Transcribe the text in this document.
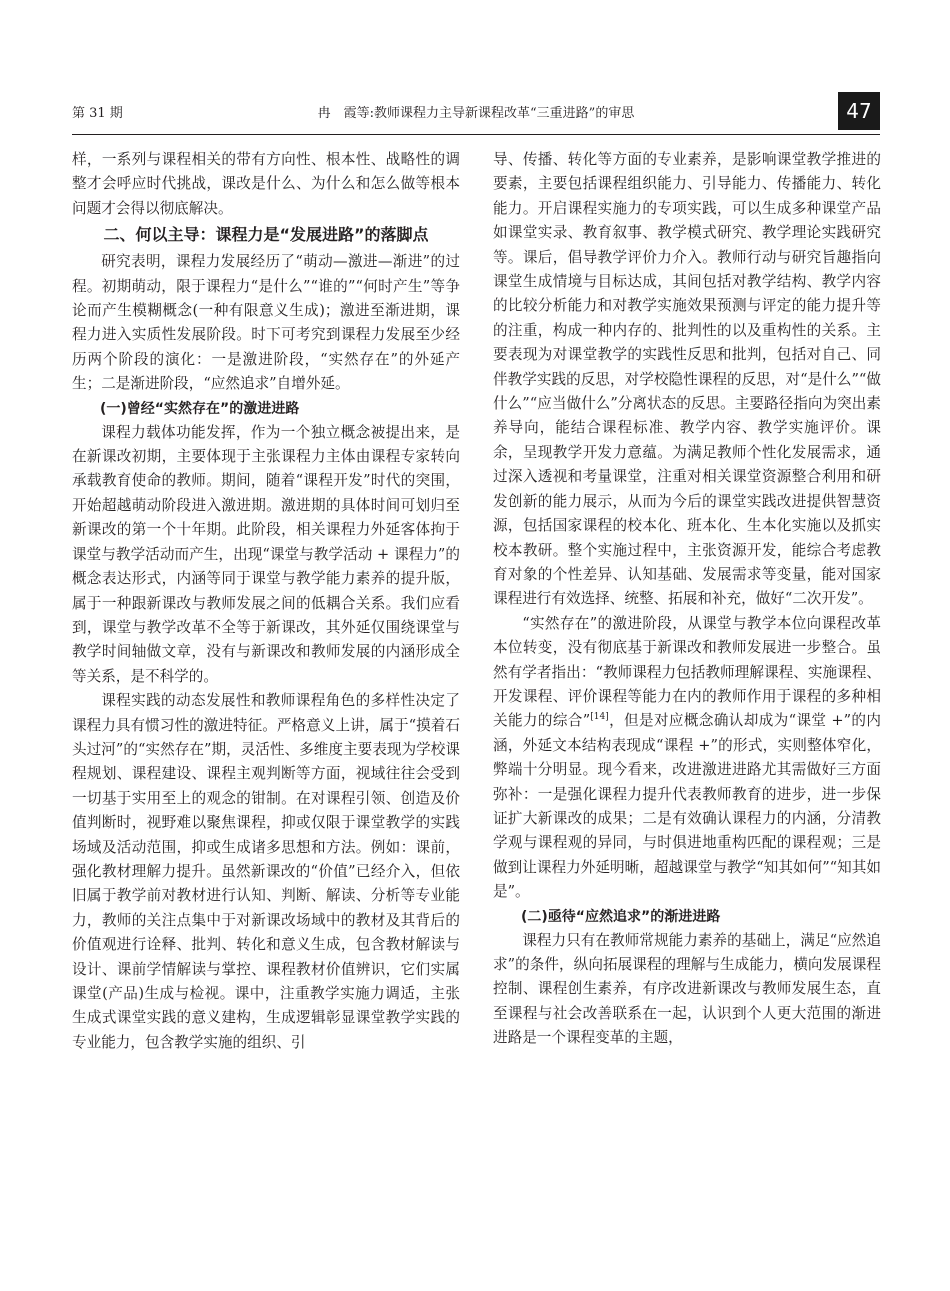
第 31 期	冉　霞等:教师课程力主导新课程改革“三重进路”的审思	47

样，一系列与课程相关的带有方向性、根本性、战略性的调整才会呼应时代挑战，课改是什么、为什么和怎么做等根本问题才会得以彻底解决。

二、何以主导：课程力是“发展进路”的落脚点

研究表明，课程力发展经历了“萌动—激进—渐进”的过程。初期萌动，限于课程力“是什么”“谁的”“何时产生”等争论而产生模糊概念(一种有限意义生成)；激进至渐进期，课程力进入实质性发展阶段。时下可考究到课程力发展至少经历两个阶段的演化：一是激进阶段，“实然存在”的外延产生；二是渐进阶段，“应然追求”自增外延。

(一)曾经“实然存在”的激进进路

课程力载体功能发挥，作为一个独立概念被提出来，是在新课改初期，主要体现于主张课程力主体由课程专家转向承载教育使命的教师。期间，随着“课程开发”时代的突围，开始超越萌动阶段进入激进期。激进期的具体时间可划归至新课改的第一个十年期。此阶段，相关课程力外延客体拘于课堂与教学活动而产生，出现“课堂与教学活动 + 课程力”的概念表达形式，内涵等同于课堂与教学能力素养的提升版，属于一种跟新课改与教师发展之间的低耦合关系。我们应看到，课堂与教学改革不全等于新课改，其外延仅围绕课堂与教学时间轴做文章，没有与新课改和教师发展的内涵形成全等关系，是不科学的。

课程实践的动态发展性和教师课程角色的多样性决定了课程力具有惯习性的激进特征。严格意义上讲，属于“摸着石头过河”的“实然存在”期，灵活性、多维度主要表现为学校课程规划、课程建设、课程主观判断等方面，视域往往会受到一切基于实用至上的观念的钳制。在对课程引领、创造及价值判断时，视野难以聚焦课程，抑或仅限于课堂教学的实践场域及活动范围，抑或生成诸多思想和方法。例如：课前，强化教材理解力提升。虽然新课改的“价值”已经介入，但依旧属于教学前对教材进行认知、判断、解读、分析等专业能力，教师的关注点集中于对新课改场域中的教材及其背后的价值观进行诠释、批判、转化和意义生成，包含教材解读与设计、课前学情解读与掌控、课程教材价值辨识，它们实属课堂(产品)生成与检视。课中，注重教学实施力调适，主张生成式课堂实践的意义建构，生成逻辑彰显课堂教学实践的专业能力，包含教学实施的组织、引

导、传播、转化等方面的专业素养，是影响课堂教学推进的要素，主要包括课程组织能力、引导能力、传播能力、转化能力。开启课程实施力的专项实践，可以生成多种课堂产品如课堂实录、教育叙事、教学模式研究、教学理论实践研究等。课后，倡导教学评价力介入。教师行动与研究旨趣指向课堂生成情境与目标达成，其间包括对教学结构、教学内容的比较分析能力和对教学实施效果预测与评定的能力提升等的注重，构成一种内存的、批判性的以及重构性的关系。主要表现为对课堂教学的实践性反思和批判，包括对自己、同伴教学实践的反思，对学校隐性课程的反思，对“是什么”“做什么”“应当做什么”分离状态的反思。主要路径指向为突出素养导向，能结合课程标准、教学内容、教学实施评价。课余，呈现教学开发力意蕴。为满足教师个性化发展需求，通过深入透视和考量课堂，注重对相关课堂资源整合利用和研发创新的能力展示，从而为今后的课堂实践改进提供智慧资源，包括国家课程的校本化、班本化、生本化实施以及抓实校本教研。整个实施过程中，主张资源开发，能综合考虑教育对象的个性差异、认知基础、发展需求等变量，能对国家课程进行有效选择、统整、拓展和补充，做好“二次开发”。

“实然存在”的激进阶段，从课堂与教学本位向课程改革本位转变，没有彻底基于新课改和教师发展进一步整合。虽然有学者指出：“教师课程力包括教师理解课程、实施课程、开发课程、评价课程等能力在内的教师作用于课程的多种相关能力的综合”[14]，但是对应概念确认却成为“课堂 +”的内涵，外延文本结构表现成“课程 +”的形式，实则整体窄化，弊端十分明显。现今看来，改进激进进路尤其需做好三方面弥补：一是强化课程力提升代表教师教育的进步，进一步保证扩大新课改的成果；二是有效确认课程力的内涵，分清教学观与课程观的异同，与时俱进地重构匹配的课程观；三是做到让课程力外延明晰，超越课堂与教学“知其如何”“知其如是”。

(二)亟待“应然追求”的渐进进路

课程力只有在教师常规能力素养的基础上，满足“应然追求”的条件，纵向拓展课程的理解与生成能力，横向发展课程控制、课程创生素养，有序改进新课改与教师发展生态，直至课程与社会改善联系在一起，认识到个人更大范围的渐进进路是一个课程变革的主题，
